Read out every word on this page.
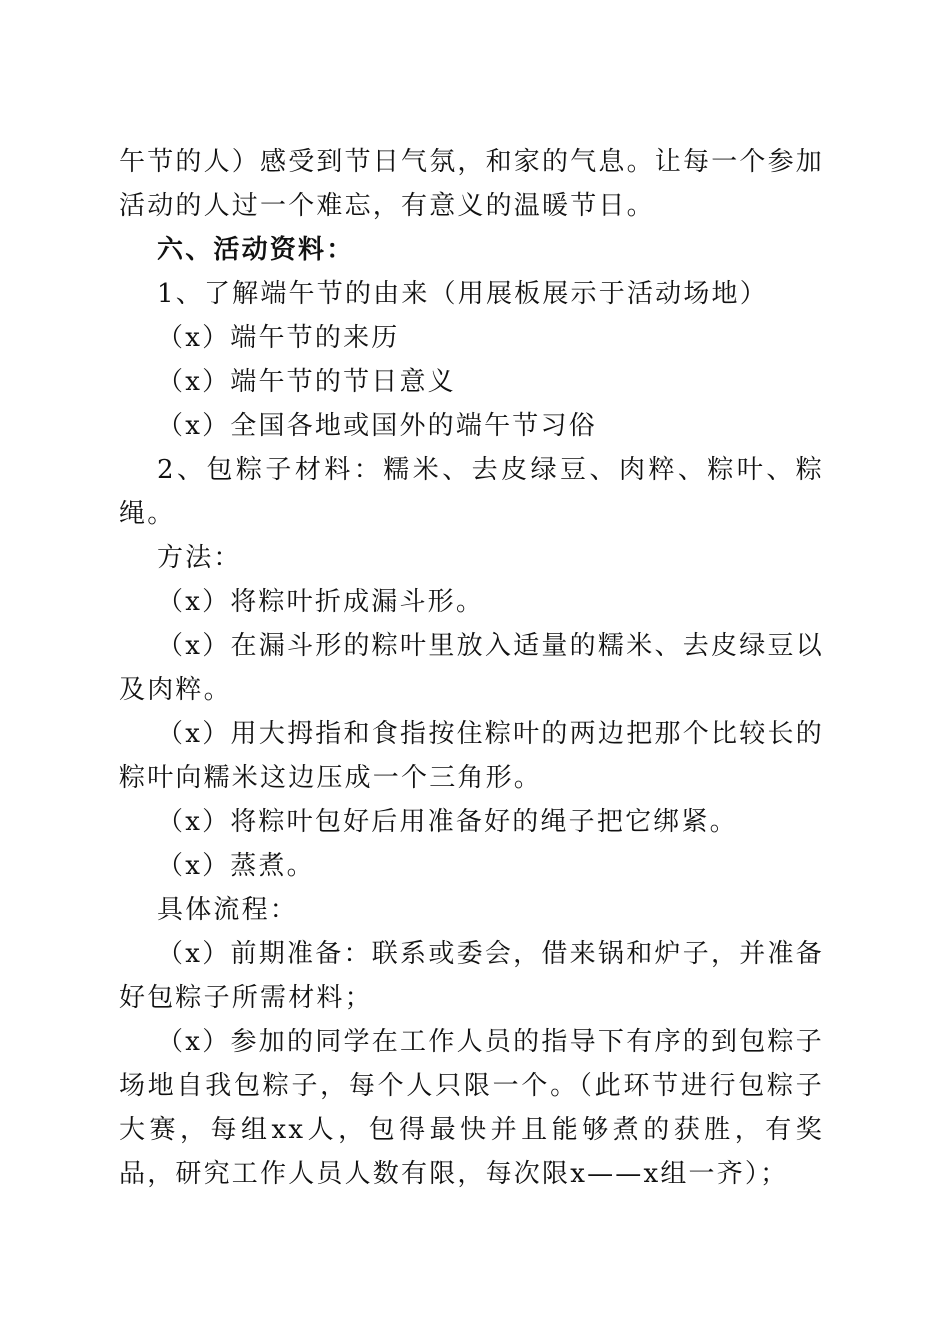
午节的人）感受到节日气氛，和家的气息。让每一个参加活动的人过一个难忘，有意义的温暖节日。

六、活动资料：

1、了解端午节的由来（用展板展示于活动场地）

（x）端午节的来历

（x）端午节的节日意义

（x）全国各地或国外的端午节习俗

2、包粽子材料：糯米、去皮绿豆、肉粹、粽叶、粽绳。

方法：

（x）将粽叶折成漏斗形。

（x）在漏斗形的粽叶里放入适量的糯米、去皮绿豆以及肉粹。

（x）用大拇指和食指按住粽叶的两边把那个比较长的粽叶向糯米这边压成一个三角形。

（x）将粽叶包好后用准备好的绳子把它绑紧。

（x）蒸煮。

具体流程：

（x）前期准备：联系或委会，借来锅和炉子，并准备好包粽子所需材料；

（x）参加的同学在工作人员的指导下有序的到包粽子场地自我包粽子，每个人只限一个。（此环节进行包粽子大赛，每组xx人，包得最快并且能够煮的获胜，有奖品，研究工作人员人数有限，每次限x——x组一齐）；
